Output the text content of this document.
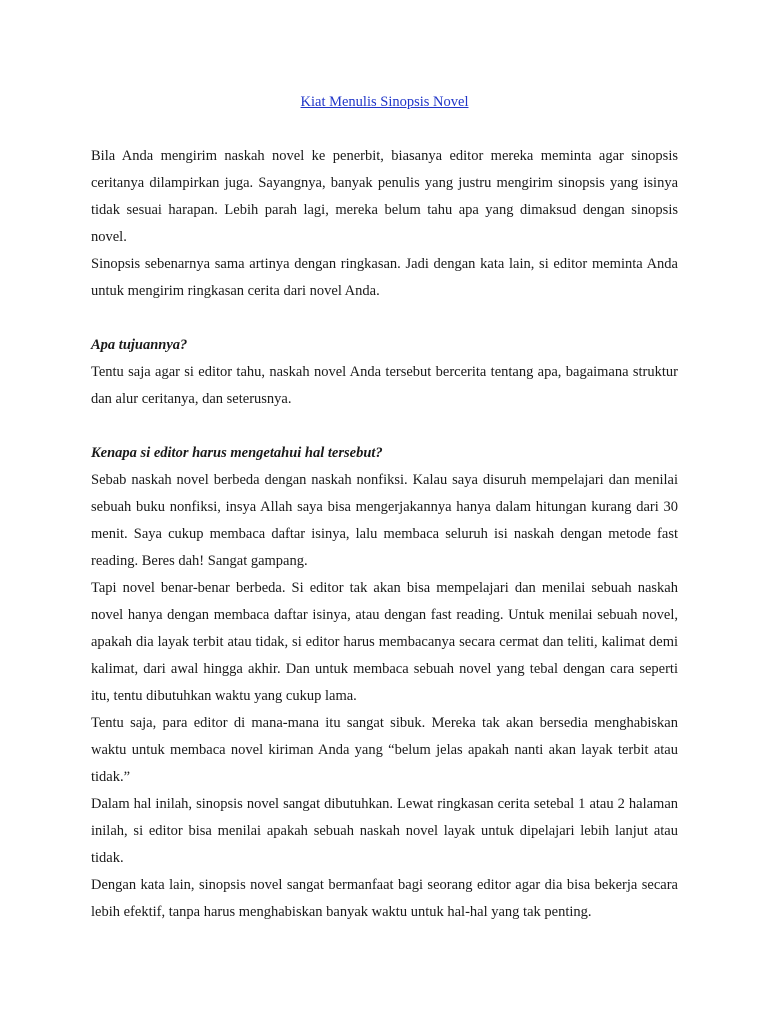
Kiat Menulis Sinopsis Novel

Bila Anda mengirim naskah novel ke penerbit, biasanya editor mereka meminta agar sinopsis ceritanya dilampirkan juga. Sayangnya, banyak penulis yang justru mengirim sinopsis yang isinya tidak sesuai harapan. Lebih parah lagi, mereka belum tahu apa yang dimaksud dengan sinopsis novel.

Sinopsis sebenarnya sama artinya dengan ringkasan. Jadi dengan kata lain, si editor meminta Anda untuk mengirim ringkasan cerita dari novel Anda.

Apa tujuannya?

Tentu saja agar si editor tahu, naskah novel Anda tersebut bercerita tentang apa, bagaimana struktur dan alur ceritanya, dan seterusnya.

Kenapa si editor harus mengetahui hal tersebut?

Sebab naskah novel berbeda dengan naskah nonfiksi. Kalau saya disuruh mempelajari dan menilai sebuah buku nonfiksi, insya Allah saya bisa mengerjakannya hanya dalam hitungan kurang dari 30 menit. Saya cukup membaca daftar isinya, lalu membaca seluruh isi naskah dengan metode fast reading. Beres dah! Sangat gampang.

Tapi novel benar-benar berbeda. Si editor tak akan bisa mempelajari dan menilai sebuah naskah novel hanya dengan membaca daftar isinya, atau dengan fast reading. Untuk menilai sebuah novel, apakah dia layak terbit atau tidak, si editor harus membacanya secara cermat dan teliti, kalimat demi kalimat, dari awal hingga akhir. Dan untuk membaca sebuah novel yang tebal dengan cara seperti itu, tentu dibutuhkan waktu yang cukup lama.

Tentu saja, para editor di mana-mana itu sangat sibuk. Mereka tak akan bersedia menghabiskan waktu untuk membaca novel kiriman Anda yang “belum jelas apakah nanti akan layak terbit atau tidak.”

Dalam hal inilah, sinopsis novel sangat dibutuhkan. Lewat ringkasan cerita setebal 1 atau 2 halaman inilah, si editor bisa menilai apakah sebuah naskah novel layak untuk dipelajari lebih lanjut atau tidak.

Dengan kata lain, sinopsis novel sangat bermanfaat bagi seorang editor agar dia bisa bekerja secara lebih efektif, tanpa harus menghabiskan banyak waktu untuk hal-hal yang tak penting.
